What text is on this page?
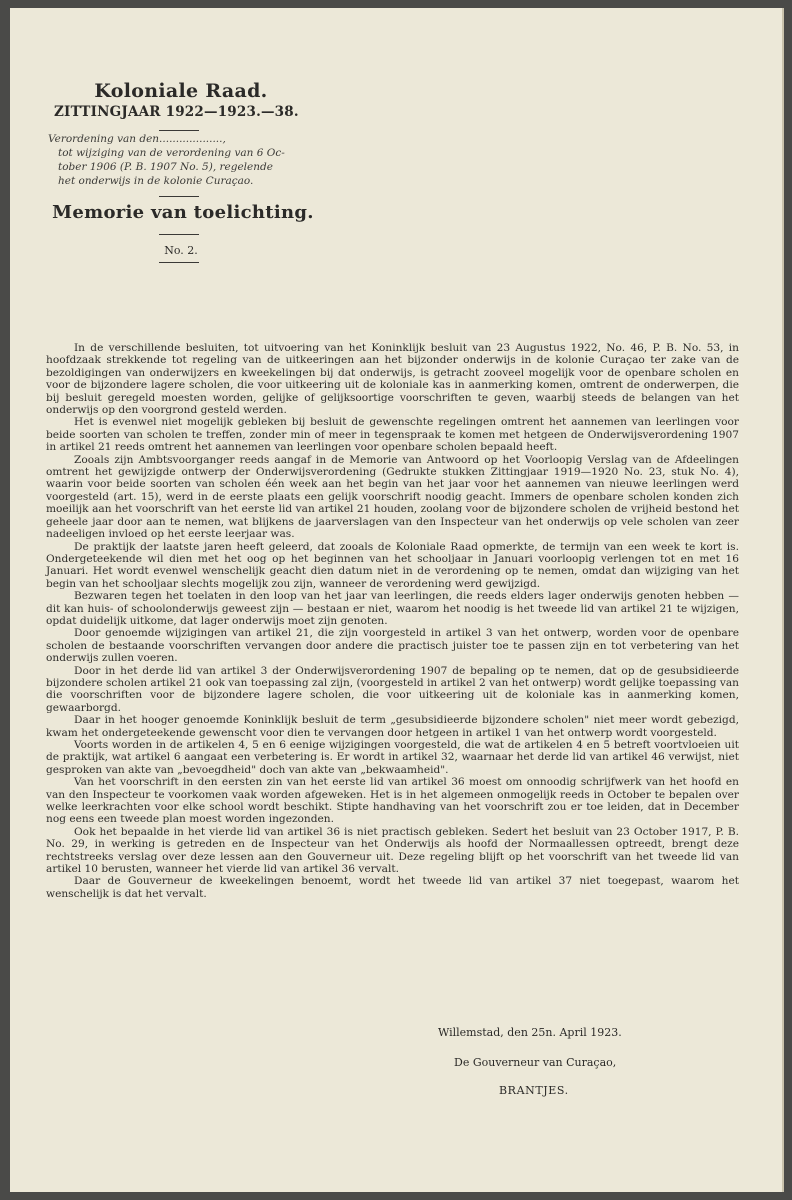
Koloniale Raad.
ZITTINGJAAR 1922—1923.—38.
Verordening van den...................,
tot wijziging van de verordening van 6 Oc-
tober 1906 (P. B. 1907 No. 5), regelende
het onderwijs in de kolonie Curaçao.
Memorie van toelichting.
No. 2.

In de verschillende besluiten, tot uitvoering van het Koninklijk besluit van 23 Augustus 1922, No. 46, P. B. No. 53, in hoofdzaak strekkende tot regeling van de uitkeeringen aan het bijzonder onderwijs in de kolonie Curaçao ter zake van de bezoldigingen van onderwijzers en kweekelingen bij dat onderwijs, is getracht zooveel mogelijk voor de openbare scholen en voor de bijzondere lagere scholen, die voor uitkeering uit de koloniale kas in aanmerking komen, omtrent de onderwerpen, die bij besluit geregeld moesten worden, gelijke of gelijksoortige voorschriften te geven, waarbij steeds de belangen van het onderwijs op den voorgrond gesteld werden.

Het is evenwel niet mogelijk gebleken bij besluit de gewenschte regelingen omtrent het aannemen van leerlingen voor beide soorten van scholen te treffen, zonder min of meer in tegenspraak te komen met hetgeen de Onderwijsverordening 1907 in artikel 21 reeds omtrent het aannemen van leerlingen voor openbare scholen bepaald heeft.

Zooals zijn Ambtsvoorganger reeds aangaf in de Memorie van Antwoord op het Voorloopig Verslag van de Afdeelingen omtrent het gewijzigde ontwerp der Onderwijsverordening (Gedrukte stukken Zittingjaar 1919—1920 No. 23, stuk No. 4), waarin voor beide soorten van scholen één week aan het begin van het jaar voor het aannemen van nieuwe leerlingen werd voorgesteld (art. 15), werd in de eerste plaats een gelijk voorschrift noodig geacht. Immers de openbare scholen konden zich moeilijk aan het voorschrift van het eerste lid van artikel 21 houden, zoolang voor de bijzondere scholen de vrijheid bestond het geheele jaar door aan te nemen, wat blijkens de jaarverslagen van den Inspecteur van het onderwijs op vele scholen van zeer nadeeligen invloed op het eerste leerjaar was.

De praktijk der laatste jaren heeft geleerd, dat zooals de Koloniale Raad opmerkte, de termijn van een week te kort is. Ondergeteekende wil dien met het oog op het beginnen van het schooljaar in Januari voorloopig verlengen tot en met 16 Januari. Het wordt evenwel wenschelijk geacht dien datum niet in de verordening op te nemen, omdat dan wijziging van het begin van het schooljaar slechts mogelijk zou zijn, wanneer de verordening werd gewijzigd.

Bezwaren tegen het toelaten in den loop van het jaar van leerlingen, die reeds elders lager onderwijs genoten hebben — dit kan huis- of schoolonderwijs geweest zijn — bestaan er niet, waarom het noodig is het tweede lid van artikel 21 te wijzigen, opdat duidelijk uitkome, dat lager onderwijs moet zijn genoten.

Door genoemde wijzigingen van artikel 21, die zijn voorgesteld in artikel 3 van het ontwerp, worden voor de openbare scholen de bestaande voorschriften vervangen door andere die practisch juister toe te passen zijn en tot verbetering van het onderwijs zullen voeren.

Door in het derde lid van artikel 3 der Onderwijsverordening 1907 de bepaling op te nemen, dat op de gesubsidieerde bijzondere scholen artikel 21 ook van toepassing zal zijn, (voorgesteld in artikel 2 van het ontwerp) wordt gelijke toepassing van die voorschriften voor de bijzondere lagere scholen, die voor uitkeering uit de koloniale kas in aanmerking komen, gewaarborgd.

Daar in het hooger genoemde Koninklijk besluit de term „gesubsidieerde bijzondere scholen" niet meer wordt gebezigd, kwam het ondergeteekende gewenscht voor dien te vervangen door hetgeen in artikel 1 van het ontwerp wordt voorgesteld.

Voorts worden in de artikelen 4, 5 en 6 eenige wijzigingen voorgesteld, die wat de artikelen 4 en 5 betreft voortvloeien uit de praktijk, wat artikel 6 aangaat een verbetering is. Er wordt in artikel 32, waarnaar het derde lid van artikel 46 verwijst, niet gesproken van akte van „bevoegdheid" doch van akte van „bekwaamheid".

Van het voorschrift in den eersten zin van het eerste lid van artikel 36 moest om onnoodig schrijfwerk van het hoofd en van den Inspecteur te voorkomen vaak worden afgeweken. Het is in het algemeen onmogelijk reeds in October te bepalen over welke leerkrachten voor elke school wordt beschikt. Stipte handhaving van het voorschrift zou er toe leiden, dat in December nog eens een tweede plan moest worden ingezonden.

Ook het bepaalde in het vierde lid van artikel 36 is niet practisch gebleken. Sedert het besluit van 23 October 1917, P. B. No. 29, in werking is getreden en de Inspecteur van het Onderwijs als hoofd der Normaallessen optreedt, brengt deze rechtstreeks verslag over deze lessen aan den Gouverneur uit. Deze regeling blijft op het voorschrift van het tweede lid van artikel 10 berusten, wanneer het vierde lid van artikel 36 vervalt.

Daar de Gouverneur de kweekelingen benoemt, wordt het tweede lid van artikel 37 niet toegepast, waarom het wenschelijk is dat het vervalt.

Willemstad, den 25n. April 1923.
De Gouverneur van Curaçao,
BRANTJES.
